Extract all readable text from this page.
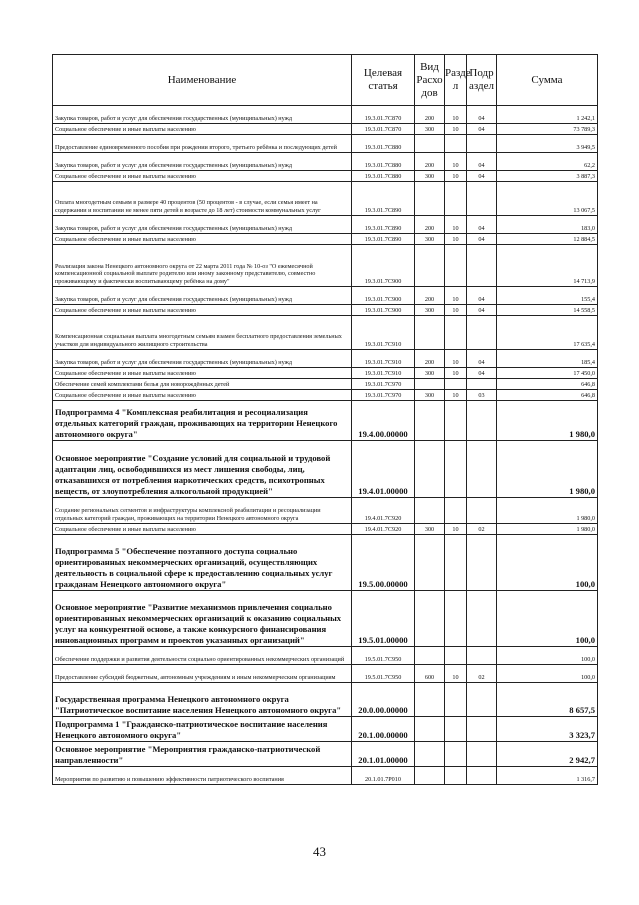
Наименование	Целевая статья	Вид Расхо дов	Разде л	Подр аздел	Сумма
Закупка товаров, работ и услуг для обеспечения государственных (муниципальных) нужд	19.3.01.7С870	200	10	04	1 242,1
Социальное обеспечение и иные выплаты населению	19.3.01.7С870	300	10	04	73 789,3
Предоставление единовременного пособия при рождении второго, третьего ребёнка и последующих детей	19.3.01.7С880				3 949,5
Закупка товаров, работ и услуг для обеспечения государственных (муниципальных) нужд	19.3.01.7С880	200	10	04	62,2
Социальное обеспечение и иные выплаты населению	19.3.01.7С880	300	10	04	3 887,3
Оплата многодетным семьям в размере 40 процентов (50 процентов - в случае, если семья имеет на содержании и воспитании не менее пяти детей в возрасте до 18 лет) стоимости коммунальных услуг	19.3.01.7С890				13 067,5
Закупка товаров, работ и услуг для обеспечения государственных (муниципальных) нужд	19.3.01.7С890	200	10	04	183,0
Социальное обеспечение и иные выплаты населению	19.3.01.7С890	300	10	04	12 884,5
Реализация закона Ненецкого автономного округа от 22 марта 2011 года № 10-оз "О ежемесячной компенсационной социальной выплате родителю или иному законному представителю, совместно проживающему и фактически воспитывающему ребёнка на дому"	19.3.01.7С900				14 713,9
Закупка товаров, работ и услуг для обеспечения государственных (муниципальных) нужд	19.3.01.7С900	200	10	04	155,4
Социальное обеспечение и иные выплаты населению	19.3.01.7С900	300	10	04	14 558,5
Компенсационная социальная выплата многодетным семьям взамен бесплатного предоставления земельных участков для индивидуального жилищного строительства	19.3.01.7С910				17 635,4
Закупка товаров, работ и услуг для обеспечения государственных (муниципальных) нужд	19.3.01.7С910	200	10	04	185,4
Социальное обеспечение и иные выплаты населению	19.3.01.7С910	300	10	04	17 450,0
Обеспечение семей комплектами белья для новорождённых детей	19.3.01.7С970				646,8
Социальное обеспечение и иные выплаты населению	19.3.01.7С970	300	10	03	646,8
Подпрограмма 4 "Комплексная реабилитация и ресоциализация отдельных категорий граждан, проживающих на территории Ненецкого автономного округа"	19.4.00.00000				1 980,0
Основное мероприятие "Создание условий для социальной и трудовой адаптации лиц, освободившихся из мест лишения свободы, лиц, отказавшихся от потребления наркотических средств, психотропных веществ, от злоупотребления алкогольной продукцией"	19.4.01.00000				1 980,0
Создание региональных сегментов и инфраструктуры комплексной реабилитации и ресоциализации отдельных категорий граждан, проживающих на территории Ненецкого автономного округа	19.4.01.7С920				1 980,0
Социальное обеспечение и иные выплаты населению	19.4.01.7С920	300	10	02	1 980,0
Подпрограмма 5 "Обеспечение поэтапного доступа социально ориентированных некоммерческих организаций, осуществляющих деятельность в социальной сфере к предоставлению социальных услуг гражданам Ненецкого автономного округа"	19.5.00.00000				100,0
Основное мероприятие "Развитие механизмов привлечения социально ориентированных некоммерческих организаций к оказанию социальных услуг на конкурентной основе, а также конкурсного финансирования инновационных программ и проектов указанных организаций"	19.5.01.00000				100,0
Обеспечение поддержки и развития деятельности социально ориентированных некоммерческих организаций	19.5.01.7С950				100,0
Предоставление субсидий бюджетным, автономным учреждениям и иным некоммерческим организациям	19.5.01.7С950	600	10	02	100,0
Государственная программа Ненецкого автономного округа "Патриотическое воспитание населения Ненецкого автономного округа"	20.0.00.00000				8 657,5
Подпрограмма 1 "Гражданско-патриотическое воспитание населения Ненецкого автономного округа"	20.1.00.00000				3 323,7
Основное мероприятие "Мероприятия гражданско-патриотической направленности"	20.1.01.00000				2 942,7
Мероприятия по развитию и повышению эффективности патриотического воспитания	20.1.01.7Р010				1 316,7
43
